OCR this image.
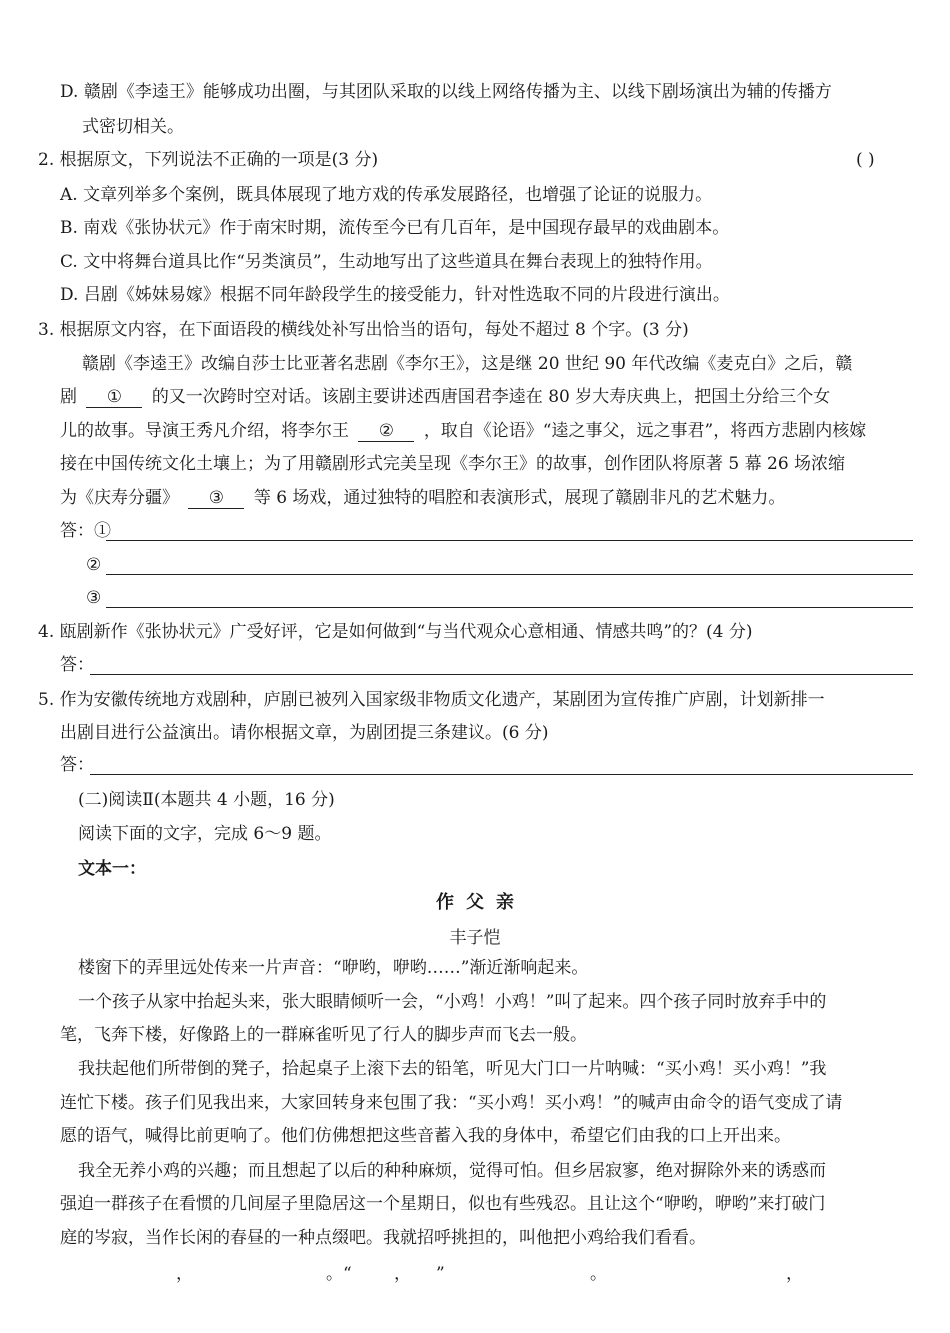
D. 赣剧《李逵王》能够成功出圈，与其团队采取的以线上网络传播为主、以线下剧场演出为辅的传播方
式密切相关。
2. 根据原文，下列说法不正确的一项是(3 分)	( )
A. 文章列举多个案例，既具体展现了地方戏的传承发展路径，也增强了论证的说服力。
B. 南戏《张协状元》作于南宋时期，流传至今已有几百年，是中国现存最早的戏曲剧本。
C. 文中将舞台道具比作“另类演员”，生动地写出了这些道具在舞台表现上的独特作用。
D. 吕剧《姊妹易嫁》根据不同年龄段学生的接受能力，针对性选取不同的片段进行演出。
3. 根据原文内容，在下面语段的横线处补写出恰当的语句，每处不超过 8 个字。(3 分)
赣剧《李逵王》改编自莎士比亚著名悲剧《李尔王》，这是继 20 世纪 90 年代改编《麦克白》之后，赣
剧 ① 的又一次跨时空对话。该剧主要讲述西唐国君李逵在 80 岁大寿庆典上，把国土分给三个女
儿的故事。导演王秀凡介绍，将李尔王 ② ，取自《论语》“逵之事父，远之事君”，将西方悲剧内核嫁
接在中国传统文化土壤上；为了用赣剧形式完美呈现《李尔王》的故事，创作团队将原著 5 幕 26 场浓缩
为《庆寿分疆》 ③ 等 6 场戏，通过独特的唱腔和表演形式，展现了赣剧非凡的艺术魅力。
答：①
②
③
4. 瓯剧新作《张协状元》广受好评，它是如何做到“与当代观众心意相通、情感共鸣”的？(4 分)
答：
5. 作为安徽传统地方戏剧种，庐剧已被列入国家级非物质文化遗产，某剧团为宣传推广庐剧，计划新排一
出剧目进行公益演出。请你根据文章，为剧团提三条建议。(6 分)
答：
(二)阅读Ⅱ(本题共 4 小题，16 分)
阅读下面的文字，完成 6～9 题。
文本一：
作父亲
丰子恺
楼窗下的弄里远处传来一片声音：“咿哟，咿哟……”渐近渐响起来。
一个孩子从家中抬起头来，张大眼睛倾听一会，“小鸡！小鸡！”叫了起来。四个孩子同时放弃手中的
笔，飞奔下楼，好像路上的一群麻雀听见了行人的脚步声而飞去一般。
我扶起他们所带倒的凳子，拾起桌子上滚下去的铅笔，听见大门口一片呐喊：“买小鸡！买小鸡！”我
连忙下楼。孩子们见我出来，大家回转身来包围了我：“买小鸡！买小鸡！”的喊声由命令的语气变成了请
愿的语气，喊得比前更响了。他们仿佛想把这些音蓄入我的身体中，希望它们由我的口上开出来。
我全无养小鸡的兴趣；而且想起了以后的种种麻烦，觉得可怕。但乡居寂寥，绝对摒除外来的诱惑而
强迫一群孩子在看惯的几间屋子里隐居这一个星期日，似也有些残忍。且让这个“咿哟，咿哟”来打破门
庭的岑寂，当作长闲的春昼的一种点缀吧。我就招呼挑担的，叫他把小鸡给我们看看。
，	。“ ， ”	。	，
